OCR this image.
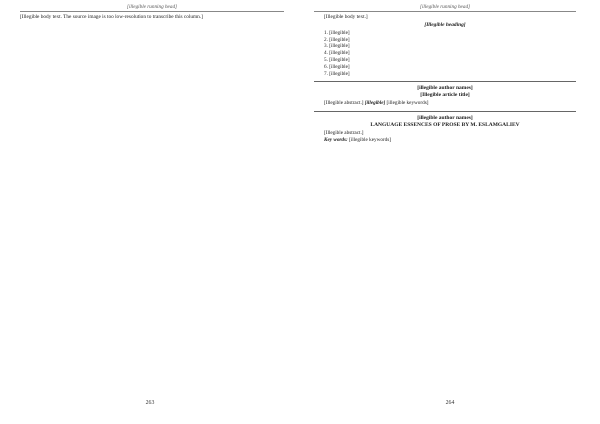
[illegible running head]

[Illegible body text. The source image is too low-resolution to transcribe this column.]

263
[illegible running head]

[Illegible body text.]

[Illegible heading]
1. [illegible]
2. [illegible]
3. [illegible]
4. [illegible]
5. [illegible]
6. [illegible]
7. [illegible]
[illegible author names]
[Illegible article title]

[Illegible abstract.] [illegible] [illegible keywords]

[illegible author names]
LANGUAGE ESSENCES OF PROSE BY M. ESLAMGALIEV

[Illegible abstract.]

Key words: [illegible keywords]

264
